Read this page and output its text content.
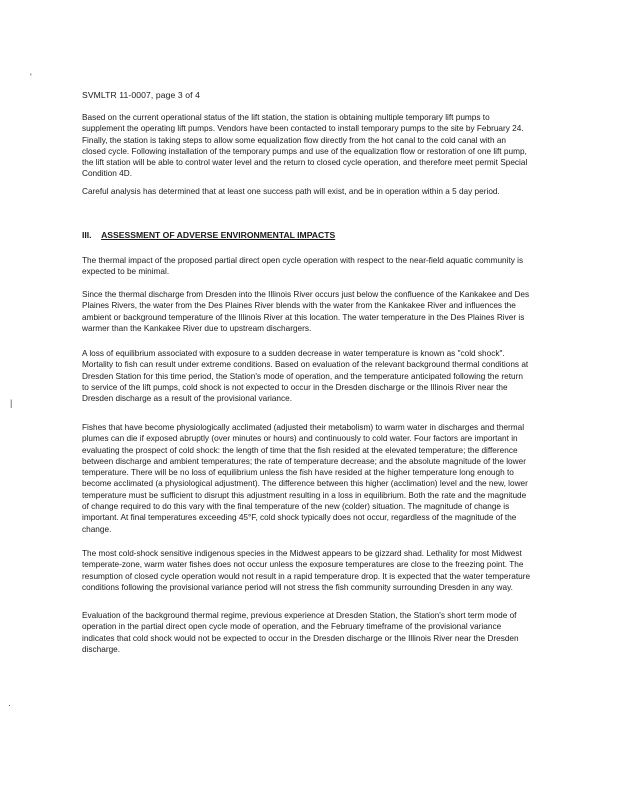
'
|
·
SVMLTR 11-0007, page 3 of 4

Based on the current operational status of the lift station, the station is obtaining multiple temporary lift pumps to supplement the operating lift pumps. Vendors have been contacted to install temporary pumps to the site by February 24. Finally, the station is taking steps to allow some equalization flow directly from the hot canal to the cold canal with an closed cycle. Following installation of the temporary pumps and use of the equalization flow or restoration of one lift pump, the lift station will be able to control water level and the return to closed cycle operation, and therefore meet permit Special Condition 4D.

Careful analysis has determined that at least one success path will exist, and be in operation within a 5 day period.

III. ASSESSMENT OF ADVERSE ENVIRONMENTAL IMPACTS

The thermal impact of the proposed partial direct open cycle operation with respect to the near-field aquatic community is expected to be minimal.

Since the thermal discharge from Dresden into the Illinois River occurs just below the confluence of the Kankakee and Des Plaines Rivers, the water from the Des Plaines River blends with the water from the Kankakee River and influences the ambient or background temperature of the Illinois River at this location. The water temperature in the Des Plaines River is warmer than the Kankakee River due to upstream dischargers.

A loss of equilibrium associated with exposure to a sudden decrease in water temperature is known as "cold shock". Mortality to fish can result under extreme conditions. Based on evaluation of the relevant background thermal conditions at Dresden Station for this time period, the Station's mode of operation, and the temperature anticipated following the return to service of the lift pumps, cold shock is not expected to occur in the Dresden discharge or the Illinois River near the Dresden discharge as a result of the provisional variance.

Fishes that have become physiologically acclimated (adjusted their metabolism) to warm water in discharges and thermal plumes can die if exposed abruptly (over minutes or hours) and continuously to cold water. Four factors are important in evaluating the prospect of cold shock: the length of time that the fish resided at the elevated temperature; the difference between discharge and ambient temperatures; the rate of temperature decrease; and the absolute magnitude of the lower temperature. There will be no loss of equilibrium unless the fish have resided at the higher temperature long enough to become acclimated (a physiological adjustment). The difference between this higher (acclimation) level and the new, lower temperature must be sufficient to disrupt this adjustment resulting in a loss in equilibrium. Both the rate and the magnitude of change required to do this vary with the final temperature of the new (colder) situation. The magnitude of change is important. At final temperatures exceeding 45°F, cold shock typically does not occur, regardless of the magnitude of the change.

The most cold-shock sensitive indigenous species in the Midwest appears to be gizzard shad. Lethality for most Midwest temperate-zone, warm water fishes does not occur unless the exposure temperatures are close to the freezing point. The resumption of closed cycle operation would not result in a rapid temperature drop. It is expected that the water temperature conditions following the provisional variance period will not stress the fish community surrounding Dresden in any way.

Evaluation of the background thermal regime, previous experience at Dresden Station, the Station's short term mode of operation in the partial direct open cycle mode of operation, and the February timeframe of the provisional variance indicates that cold shock would not be expected to occur in the Dresden discharge or the Illinois River near the Dresden discharge.
